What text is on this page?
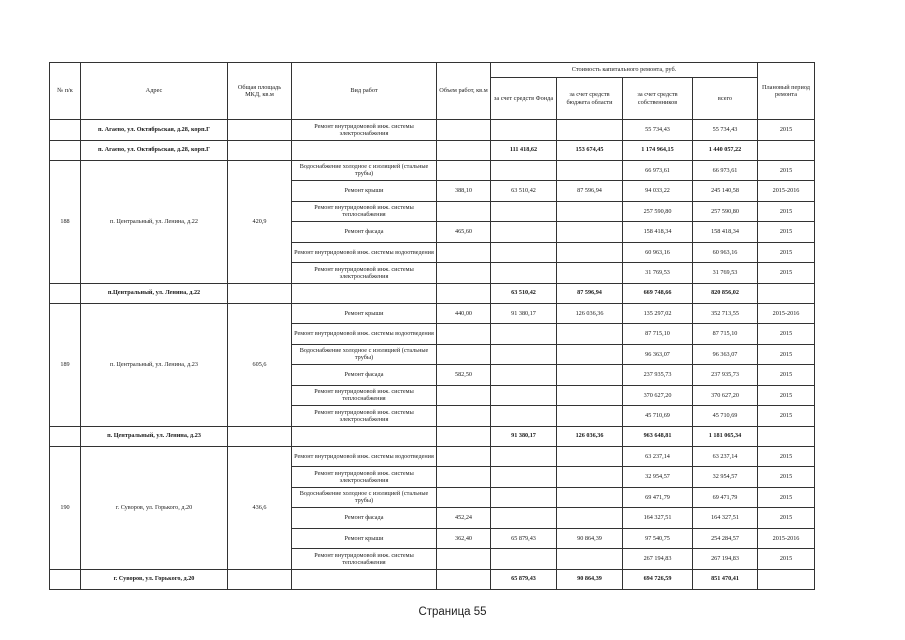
№ п/к	Адрес	Общая площадь МКД, кв.м	Вид работ	Объем работ, кв.м	Стоимость капитального ремонта, руб.				Плановый период ремонта
					за счет средств Фонда	за счет средств бюджета области	за счет средств собственников	всего	
	п. Агаево, ул. Октябрьская, д.28, корп.Г		Ремонт внутридомовой инж. системы электроснабжения				55 734,43	55 734,43	2015
	п. Агаево, ул. Октябрьская, д.28, корп.Г				111 418,62	153 674,45	1 174 964,15	1 440 057,22	
188	п. Центральный, ул. Ленина, д.22	420,9	Водоснабжение холодное с изоляцией (стальные трубы)				66 973,61	66 973,61	2015
			Ремонт крыши	388,10	63 510,42	87 596,94	94 033,22	245 140,58	2015-2016
			Ремонт внутридомовой инж. системы теплоснабжения				257 590,80	257 590,80	2015
			Ремонт фасада	465,60			158 418,34	158 418,34	2015
			Ремонт внутридомовой инж. системы водоотведения				60 963,16	60 963,16	2015
			Ремонт внутридомовой инж. системы электроснабжения				31 769,53	31 769,53	2015
	п.Центральный, ул. Ленина, д.22				63 510,42	87 596,94	669 748,66	820 856,02	
189	п. Центральный, ул. Ленина, д.23	605,6	Ремонт крыши	440,00	91 380,17	126 036,36	135 297,02	352 713,55	2015-2016
			Ремонт внутридомовой инж. системы водоотведения				87 715,10	87 715,10	2015
			Водоснабжение холодное с изоляцией (стальные трубы)				96 363,07	96 363,07	2015
			Ремонт фасада	582,50			237 935,73	237 935,73	2015
			Ремонт внутридомовой инж. системы теплоснабжения				370 627,20	370 627,20	2015
			Ремонт внутридомовой инж. системы электроснабжения				45 710,69	45 710,69	2015
	п. Центральный, ул. Ленина, д.23				91 380,17	126 036,36	963 648,81	1 181 065,34	
190	г. Суворов, ул. Горького, д.20	436,6	Ремонт внутридомовой инж. системы водоотведения				63 237,14	63 237,14	2015
			Ремонт внутридомовой инж. системы электроснабжения				32 954,57	32 954,57	2015
			Водоснабжение холодное с изоляцией (стальные трубы)				69 471,79	69 471,79	2015
			Ремонт фасада	452,24			164 327,51	164 327,51	2015
			Ремонт крыши	362,40	65 879,43	90 864,39	97 540,75	254 284,57	2015-2016
			Ремонт внутридомовой инж. системы теплоснабжения				267 194,83	267 194,83	2015
	г. Суворов, ул. Горького, д.20				65 879,43	90 864,39	694 726,59	851 470,41	
Страница 55
